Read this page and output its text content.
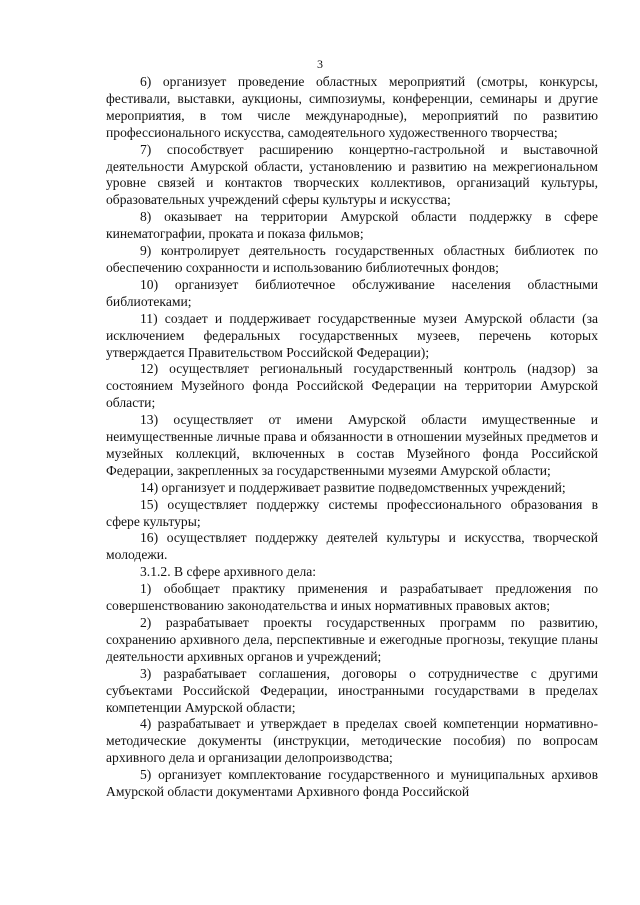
3

6) организует проведение областных мероприятий (смотры, конкурсы, фестивали, выставки, аукционы, симпозиумы, конференции, семинары и другие мероприятия, в том числе международные), мероприятий по развитию профессионального искусства, самодеятельного художественного творчества;

7) способствует расширению концертно-гастрольной и выставочной деятельности Амурской области, установлению и развитию на межрегиональном уровне связей и контактов творческих коллективов, организаций культуры, образовательных учреждений сферы культуры и искусства;

8) оказывает на территории Амурской области поддержку в сфере кинематографии, проката и показа фильмов;

9) контролирует деятельность государственных областных библиотек по обеспечению сохранности и использованию библиотечных фондов;

10) организует библиотечное обслуживание населения областными библиотеками;

11) создает и поддерживает государственные музеи Амурской области (за исключением федеральных государственных музеев, перечень которых утверждается Правительством Российской Федерации);

12) осуществляет региональный государственный контроль (надзор) за состоянием Музейного фонда Российской Федерации на территории Амурской области;

13) осуществляет от имени Амурской области имущественные и неимущественные личные права и обязанности в отношении музейных предметов и музейных коллекций, включенных в состав Музейного фонда Российской Федерации, закрепленных за государственными музеями Амурской области;

14) организует и поддерживает развитие подведомственных учреждений;

15) осуществляет поддержку системы профессионального образования в сфере культуры;

16) осуществляет поддержку деятелей культуры и искусства, творческой молодежи.

3.1.2. В сфере архивного дела:

1) обобщает практику применения и разрабатывает предложения по совершенствованию законодательства и иных нормативных правовых актов;

2) разрабатывает проекты государственных программ по развитию, сохранению архивного дела, перспективные и ежегодные прогнозы, текущие планы деятельности архивных органов и учреждений;

3) разрабатывает соглашения, договоры о сотрудничестве с другими субъектами Российской Федерации, иностранными государствами в пределах компетенции Амурской области;

4) разрабатывает и утверждает в пределах своей компетенции нормативно-методические документы (инструкции, методические пособия) по вопросам архивного дела и организации делопроизводства;

5) организует комплектование государственного и муниципальных архивов Амурской области документами Архивного фонда Российской
